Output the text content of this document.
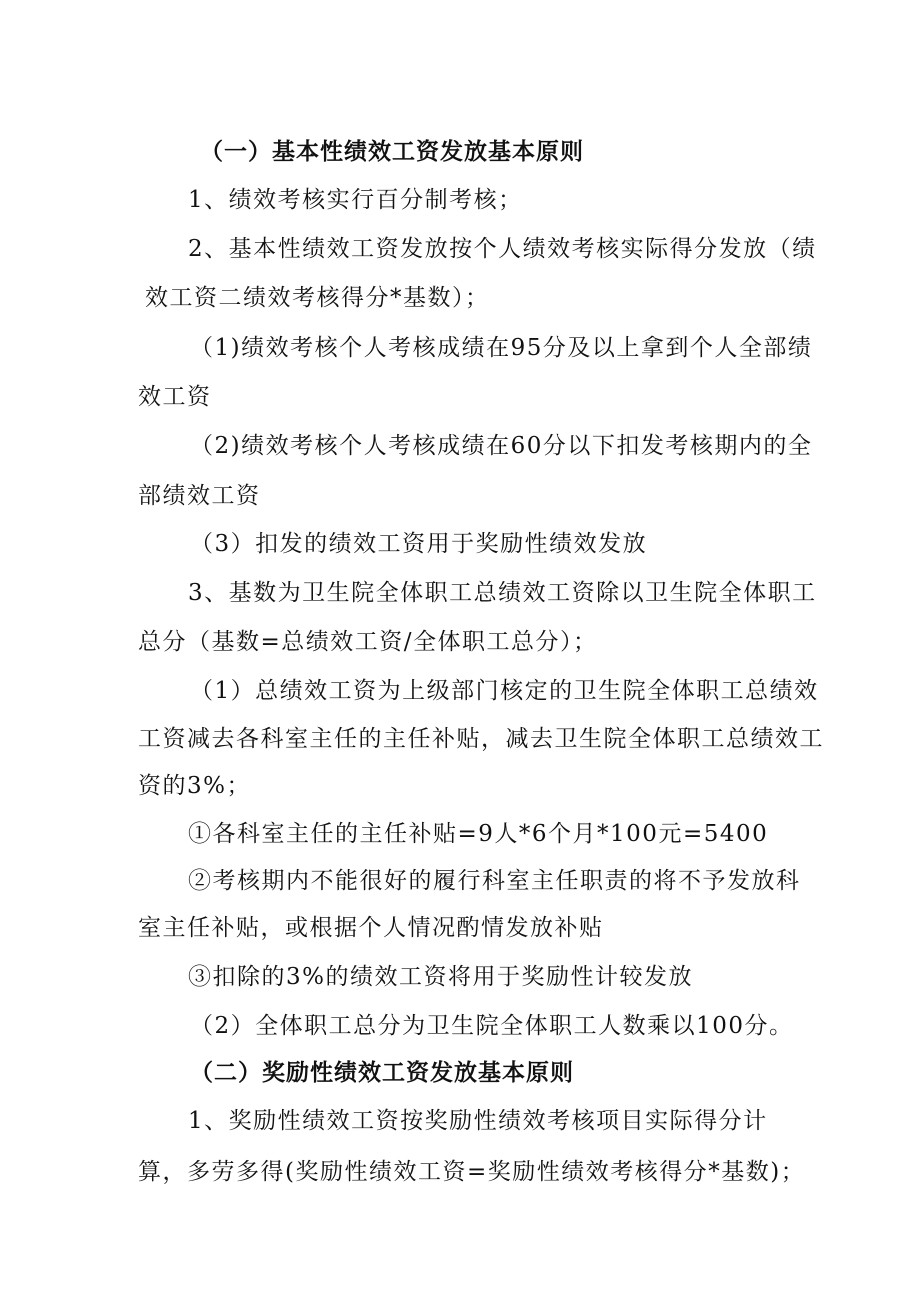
（一）基本性绩效工资发放基本原则
1、绩效考核实行百分制考核；
2、基本性绩效工资发放按个人绩效考核实际得分发放（绩
效工资二绩效考核得分*基数）；
（1)绩效考核个人考核成绩在95分及以上拿到个人全部绩
效工资
（2)绩效考核个人考核成绩在60分以下扣发考核期内的全
部绩效工资
（3）扣发的绩效工资用于奖励性绩效发放
3、基数为卫生院全体职工总绩效工资除以卫生院全体职工
总分（基数=总绩效工资/全体职工总分）；
（1）总绩效工资为上级部门核定的卫生院全体职工总绩效
工资减去各科室主任的主任补贴，减去卫生院全体职工总绩效工
资的3%；
①各科室主任的主任补贴=9人*6个月*100元=5400
②考核期内不能很好的履行科室主任职责的将不予发放科
室主任补贴，或根据个人情况酌情发放补贴
③扣除的3%的绩效工资将用于奖励性计较发放
（2）全体职工总分为卫生院全体职工人数乘以100分。
（二）奖励性绩效工资发放基本原则
1、奖励性绩效工资按奖励性绩效考核项目实际得分计
算，多劳多得(奖励性绩效工资=奖励性绩效考核得分*基数)；
